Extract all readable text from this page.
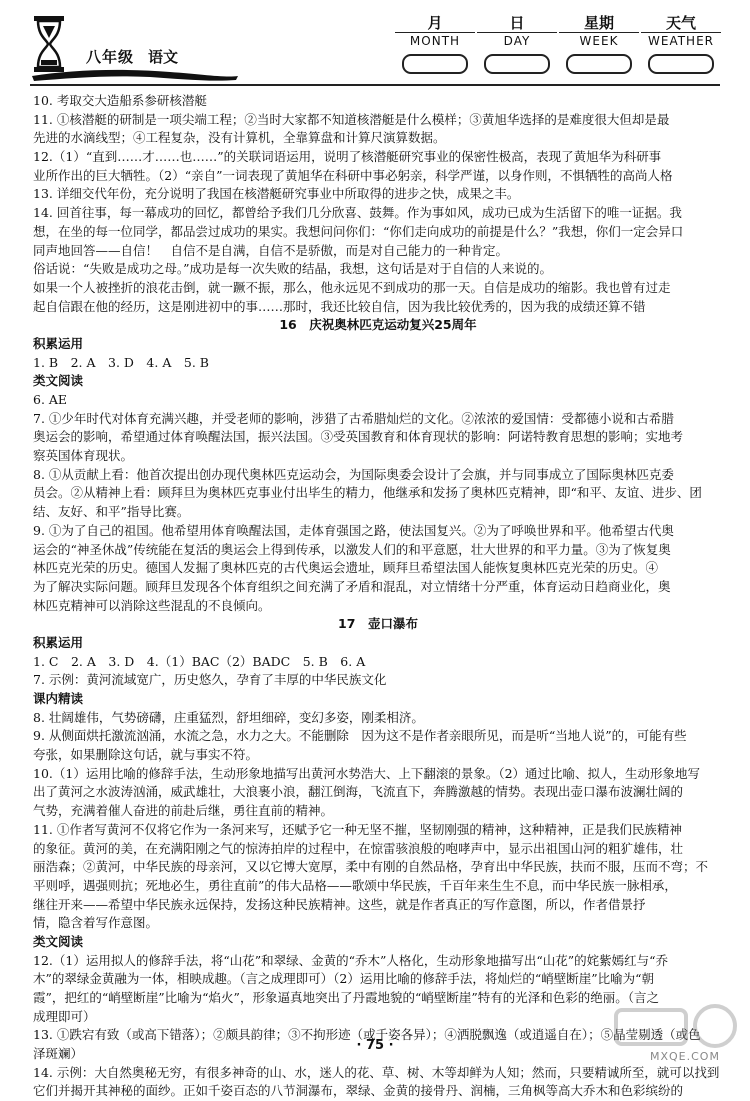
八年级 语文
月
MONTH
日
DAY
星期
WEEK
天气
WEATHER
10. 考取交大造船系参研核潜艇
11. ①核潜艇的研制是一项尖端工程；②当时大家都不知道核潜艇是什么模样；③黄旭华选择的是难度很大但却是最
先进的水滴线型；④工程复杂，没有计算机，全靠算盘和计算尺演算数据。
12.（1）“直到……才……也……”的关联词语运用，说明了核潜艇研究事业的保密性极高，表现了黄旭华为科研事
业所作出的巨大牺牲。（2）“亲自”一词表现了黄旭华在科研中事必躬亲，科学严谨，以身作则，不惧牺牲的高尚人格
13. 详细交代年份，充分说明了我国在核潜艇研究事业中所取得的进步之快，成果之丰。
14. 回首往事，每一幕成功的回忆，都曾给予我们几分欣喜、鼓舞。作为事如风，成功已成为生活留下的唯一证据。我
想，在坐的每一位同学，都品尝过成功的果实。我想问问你们：“你们走向成功的前提是什么？”我想，你们一定会异口
同声地回答——自信！　自信不是自满，自信不是骄傲，而是对自己能力的一种肯定。
俗话说：“失败是成功之母。”成功是每一次失败的结晶，我想，这句话是对于自信的人来说的。
如果一个人被挫折的浪花击倒，就一蹶不振，那么，他永远见不到成功的那一天。自信是成功的缩影。我也曾有过走
起自信跟在他的经历，这是刚进初中的事……那时，我还比较自信，因为我比较优秀的，因为我的成绩还算不错
16　庆祝奥林匹克运动复兴25周年
积累运用
1. B　2. A　3. D　4. A　5. B
类文阅读
6. AE
7. ①少年时代对体育充满兴趣，并受老师的影响，涉猎了古希腊灿烂的文化。②浓浓的爱国情：受都德小说和古希腊
奥运会的影响，希望通过体育唤醒法国，振兴法国。③受英国教育和体育现状的影响：阿诺特教育思想的影响；实地考
察英国体育现状。
8. ①从贡献上看：他首次提出创办现代奥林匹克运动会，为国际奥委会设计了会旗，并与同事成立了国际奥林匹克委
员会。②从精神上看：顾拜旦为奥林匹克事业付出毕生的精力，他继承和发扬了奥林匹克精神，即“和平、友谊、进步、团
结、友好、和平”指导比赛。
9. ①为了自己的祖国。他希望用体育唤醒法国，走体育强国之路，使法国复兴。②为了呼唤世界和平。他希望古代奥
运会的“神圣休战”传统能在复活的奥运会上得到传承，以激发人们的和平意愿，壮大世界的和平力量。③为了恢复奥
林匹克光荣的历史。德国人发掘了奥林匹克的古代奥运会遗址，顾拜旦希望法国人能恢复奥林匹克光荣的历史。④
为了解决实际问题。顾拜旦发现各个体育组织之间充满了矛盾和混乱，对立情绪十分严重，体育运动日趋商业化，奥
林匹克精神可以消除这些混乱的不良倾向。
17　壶口瀑布
积累运用
1. C　2. A　3. D　4.（1）BAC（2）BADC　5. B　6. A
7. 示例：黄河流域宽广，历史悠久，孕育了丰厚的中华民族文化
课内精读
8. 壮阔雄伟，气势磅礴，庄重猛烈，舒坦细碎，变幻多姿，刚柔相济。
9. 从侧面烘托激流汹涌，水流之急，水力之大。不能删除　因为这不是作者亲眼所见，而是听“当地人说”的，可能有些
夸张，如果删除这句话，就与事实不符。
10.（1）运用比喻的修辞手法，生动形象地描写出黄河水势浩大、上下翻滚的景象。（2）通过比喻、拟人，生动形象地写
出了黄河之水波涛汹涌，威武雄壮，大浪裹小浪，翻江倒海，飞流直下，奔腾激越的情势。表现出壶口瀑布波澜壮阔的
气势，充满着催人奋进的前赴后继，勇往直前的精神。
11. ①作者写黄河不仅将它作为一条河来写，还赋予它一种无坚不摧，坚韧刚强的精神，这种精神，正是我们民族精神
的象征。黄河的美，在充满阳刚之气的惊涛拍岸的过程中，在惊雷骇浪般的咆哮声中，显示出祖国山河的粗犷雄伟，壮
丽浩森；②黄河，中华民族的母亲河，又以它博大宽厚，柔中有刚的自然品格，孕育出中华民族，扶而不服，压而不弯；不
平则呼，遇强则抗；死地必生，勇往直前”的伟大品格——歌颂中华民族，千百年来生生不息，而中华民族一脉相承，
继往开来——希望中华民族永远保持，发扬这种民族精神。这些，就是作者真正的写作意图，所以，作者借景抒
情，隐含着写作意图。
类文阅读
12.（1）运用拟人的修辞手法，将“山花”和翠绿、金黄的“乔木”人格化，生动形象地描写出“山花”的姹紫嫣红与“乔
木”的翠绿金黄融为一体，相映成趣。（言之成理即可）（2）运用比喻的修辞手法，将灿烂的“峭壁断崖”比喻为“朝
霞”，把红的“峭壁断崖”比喻为“焰火”，形象逼真地突出了丹霞地貌的“峭壁断崖”特有的光泽和色彩的绝丽。（言之
成理即可）
13. ①跌宕有致（或高下错落）；②颇具韵律；③不拘形迹（或千姿各异）；④洒脱飘逸（或逍遥自在）；⑤晶莹剔透（或色
泽斑斓）
14. 示例：大自然奥秘无穷，有很多神奇的山、水，迷人的花、草、树、木等却鲜为人知；然而，只要精诚所至，就可以找到
它们并揭开其神秘的面纱。正如千姿百态的八节洞瀑布，翠绿、金黄的接骨丹、润楠，三角枫等高大乔木和色彩缤纷的
MXQE.COM
· 75 ·
